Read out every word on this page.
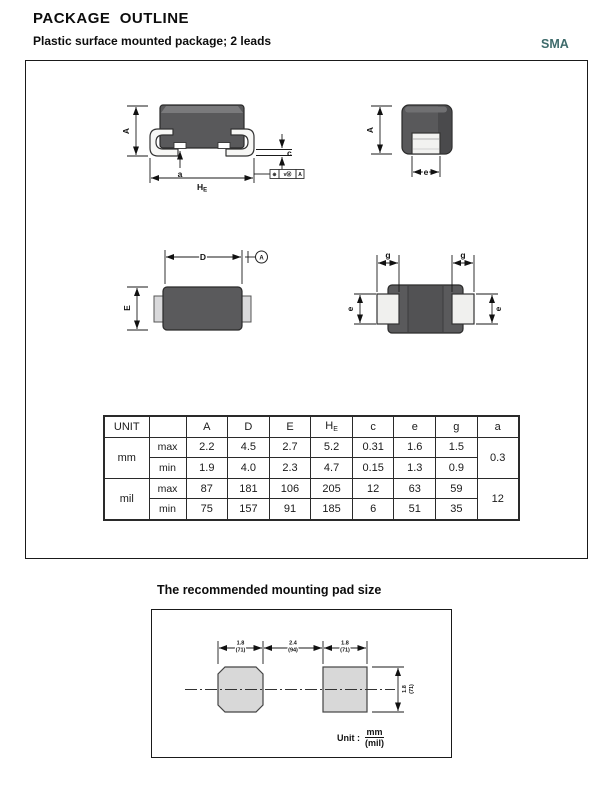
PACKAGE  OUTLINE
Plastic surface mounted package; 2 leads	SMA
The recommended mounting pad size
A
a
HE
c
⊕ vⓂ A
A
e
D	A
E
g	g
e	e
1.8
(71)
2.4
(94)
1.8
(71)
1.8 (71)
UNIT		A	D	E	$H_E$	c	e	g	a
mm	max	2.2	4.5	2.7	5.2	0.31	1.6	1.5	0.3
	min	1.9	4.0	2.3	4.7	0.15	1.3	0.9	
mil	max	87	181	106	205	12	63	59	12
	min	75	157	91	185	6	51	35	
Unit : $\frac{mm}{\text{(mil)}}$
